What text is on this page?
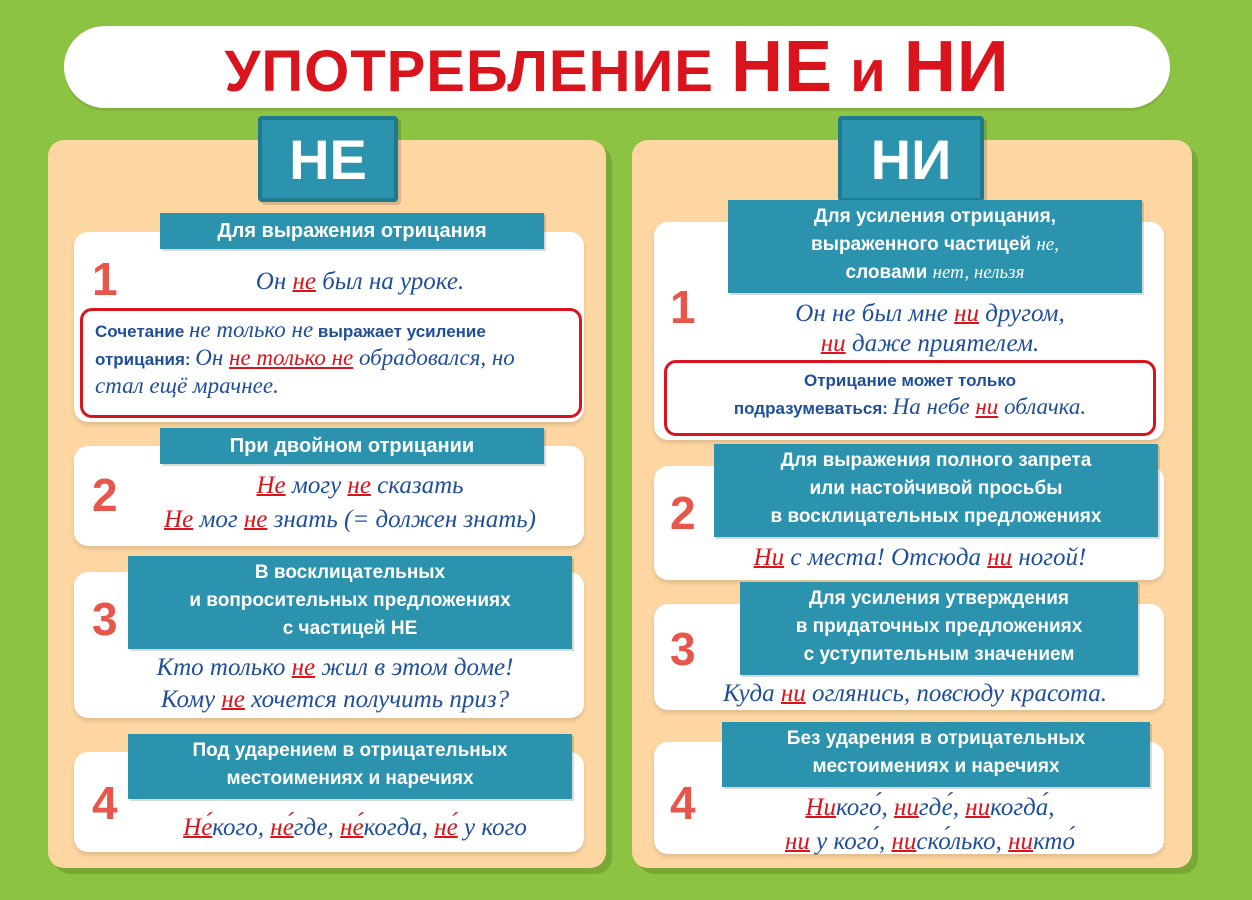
УПОТРЕБЛЕНИЕ НЕ и НИ
НЕ	НИ
1
Для выражения отрицания
Он не был на уроке.
Сочетание не только не выражает усиление отрицания: Он не только не обрадовался, но стал ещё мрачнее.
2
При двойном отрицании
Не могу не сказать
Не мог не знать (= должен знать)
3
В восклицательных
и вопросительных предложениях
с частицей НЕ
Кто только не жил в этом доме!
Кому не хочется получить приз?
4
Под ударением в отрицательных
местоимениях и наречиях
Не́кого, не́где, не́когда, не́ у кого
1
Для усиления отрицания,
выраженного частицей не,
словами нет, нельзя
Он не был мне ни другом,
ни даже приятелем.
Отрицание может только
подразумеваться: На небе ни облачка.
2
Для выражения полного запрета
или настойчивой просьбы
в восклицательных предложениях
Ни с места! Отсюда ни ногой!
3
Для усиления утверждения
в придаточных предложениях
с уступительным значением
Куда ни оглянись, повсюду красота.
4
Без ударения в отрицательных
местоимениях и наречиях
Никого́, нигде́, никогда́,
ни у кого́, ниско́лько, никто́
